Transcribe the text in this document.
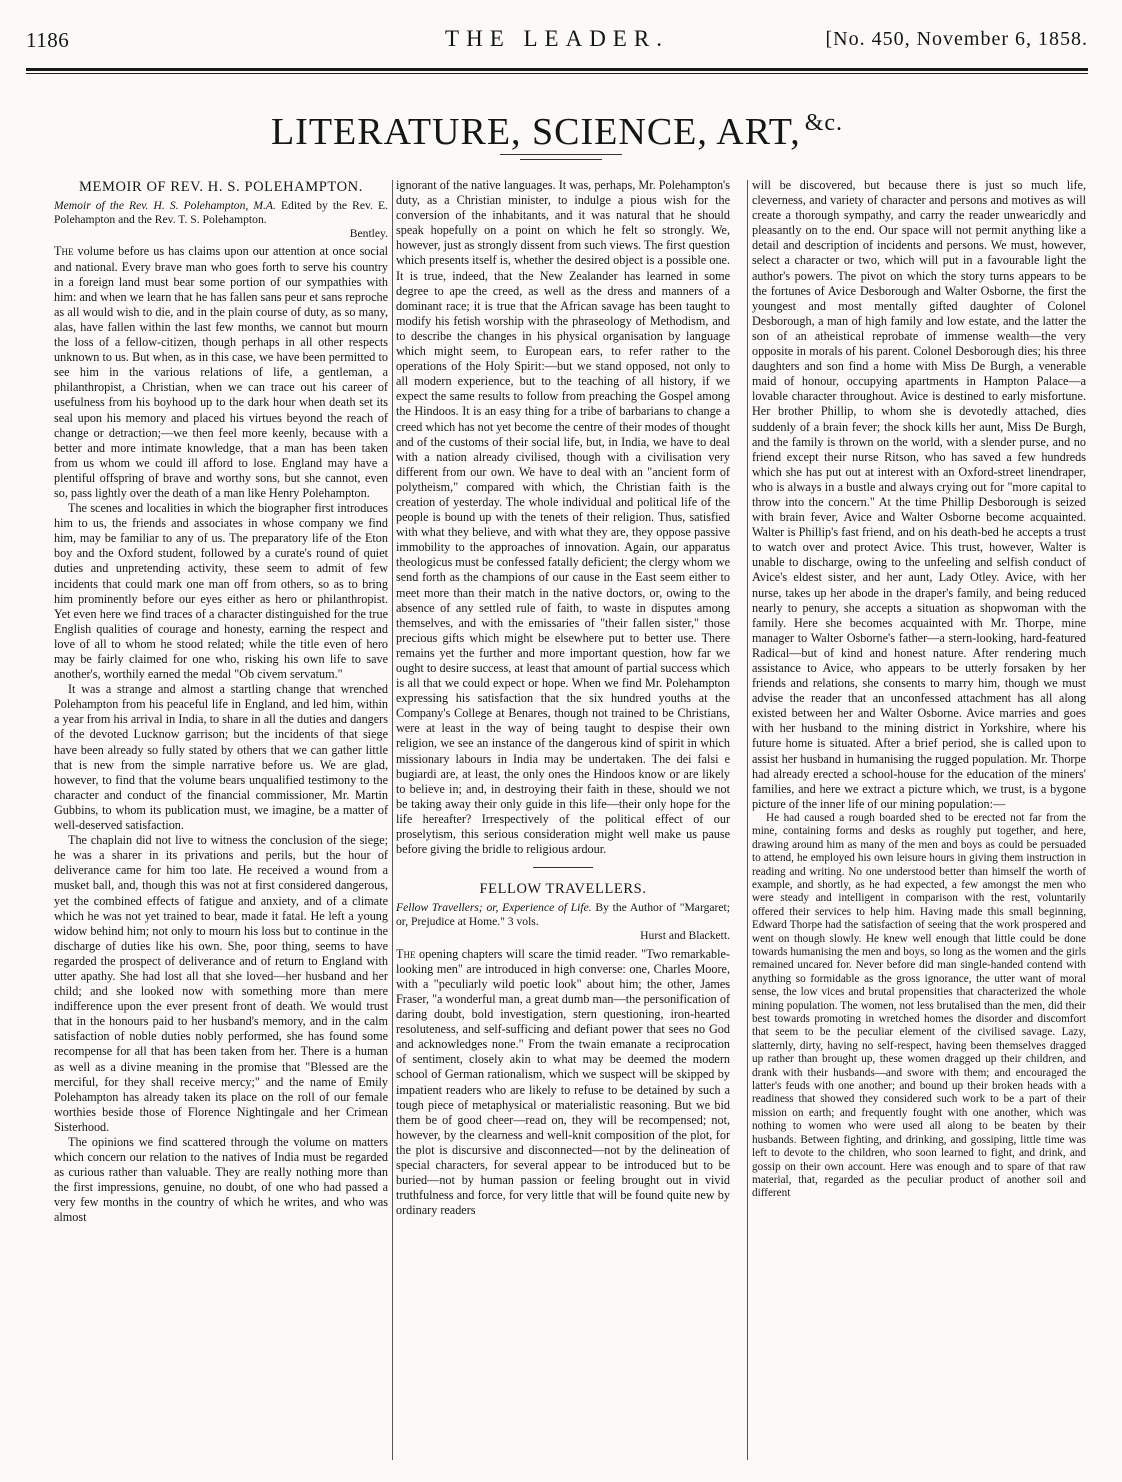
1186	THE LEADER.	[No. 450, November 6, 1858.
LITERATURE, SCIENCE, ART, $^{\&c.}$
MEMOIR OF REV. H. S. POLEHAMPTON.
Memoir of the Rev. H. S. Polehampton, M.A. Edited by the Rev. E. Polehampton and the Rev. T. S. Polehampton.
Bentley.

The volume before us has claims upon our attention at once social and national. Every brave man who goes forth to serve his country in a foreign land must bear some portion of our sympathies with him: and when we learn that he has fallen sans peur et sans reproche as all would wish to die, and in the plain course of duty, as so many, alas, have fallen within the last few months, we cannot but mourn the loss of a fellow-citizen, though perhaps in all other respects unknown to us. But when, as in this case, we have been permitted to see him in the various relations of life, a gentleman, a philanthropist, a Christian, when we can trace out his career of usefulness from his boyhood up to the dark hour when death set its seal upon his memory and placed his virtues beyond the reach of change or detraction;—we then feel more keenly, because with a better and more intimate knowledge, that a man has been taken from us whom we could ill afford to lose. England may have a plentiful offspring of brave and worthy sons, but she cannot, even so, pass lightly over the death of a man like Henry Polehampton.

The scenes and localities in which the biographer first introduces him to us, the friends and associates in whose company we find him, may be familiar to any of us. The preparatory life of the Eton boy and the Oxford student, followed by a curate's round of quiet duties and unpretending activity, these seem to admit of few incidents that could mark one man off from others, so as to bring him prominently before our eyes either as hero or philanthropist. Yet even here we find traces of a character distinguished for the true English qualities of courage and honesty, earning the respect and love of all to whom he stood related; while the title even of hero may be fairly claimed for one who, risking his own life to save another's, worthily earned the medal "Ob civem servatum."

It was a strange and almost a startling change that wrenched Polehampton from his peaceful life in England, and led him, within a year from his arrival in India, to share in all the duties and dangers of the devoted Lucknow garrison; but the incidents of that siege have been already so fully stated by others that we can gather little that is new from the simple narrative before us. We are glad, however, to find that the volume bears unqualified testimony to the character and conduct of the financial commissioner, Mr. Martin Gubbins, to whom its publication must, we imagine, be a matter of well-deserved satisfaction.

The chaplain did not live to witness the conclusion of the siege; he was a sharer in its privations and perils, but the hour of deliverance came for him too late. He received a wound from a musket ball, and, though this was not at first considered dangerous, yet the combined effects of fatigue and anxiety, and of a climate which he was not yet trained to bear, made it fatal. He left a young widow behind him; not only to mourn his loss but to continue in the discharge of duties like his own. She, poor thing, seems to have regarded the prospect of deliverance and of return to England with utter apathy. She had lost all that she loved—her husband and her child; and she looked now with something more than mere indifference upon the ever present front of death. We would trust that in the honours paid to her husband's memory, and in the calm satisfaction of noble duties nobly performed, she has found some recompense for all that has been taken from her. There is a human as well as a divine meaning in the promise that "Blessed are the merciful, for they shall receive mercy;" and the name of Emily Polehampton has already taken its place on the roll of our female worthies beside those of Florence Nightingale and her Crimean Sisterhood.

The opinions we find scattered through the volume on matters which concern our relation to the natives of India must be regarded as curious rather than valuable. They are really nothing more than the first impressions, genuine, no doubt, of one who had passed a very few months in the country of which he writes, and who was almost

ignorant of the native languages. It was, perhaps, Mr. Polehampton's duty, as a Christian minister, to indulge a pious wish for the conversion of the inhabitants, and it was natural that he should speak hopefully on a point on which he felt so strongly. We, however, just as strongly dissent from such views. The first question which presents itself is, whether the desired object is a possible one. It is true, indeed, that the New Zealander has learned in some degree to ape the creed, as well as the dress and manners of a dominant race; it is true that the African savage has been taught to modify his fetish worship with the phraseology of Methodism, and to describe the changes in his physical organisation by language which might seem, to European ears, to refer rather to the operations of the Holy Spirit:—but we stand opposed, not only to all modern experience, but to the teaching of all history, if we expect the same results to follow from preaching the Gospel among the Hindoos. It is an easy thing for a tribe of barbarians to change a creed which has not yet become the centre of their modes of thought and of the customs of their social life, but, in India, we have to deal with a nation already civilised, though with a civilisation very different from our own. We have to deal with an "ancient form of polytheism," compared with which, the Christian faith is the creation of yesterday. The whole individual and political life of the people is bound up with the tenets of their religion. Thus, satisfied with what they believe, and with what they are, they oppose passive immobility to the approaches of innovation. Again, our apparatus theologicus must be confessed fatally deficient; the clergy whom we send forth as the champions of our cause in the East seem either to meet more than their match in the native doctors, or, owing to the absence of any settled rule of faith, to waste in disputes among themselves, and with the emissaries of "their fallen sister," those precious gifts which might be elsewhere put to better use. There remains yet the further and more important question, how far we ought to desire success, at least that amount of partial success which is all that we could expect or hope. When we find Mr. Polehampton expressing his satisfaction that the six hundred youths at the Company's College at Benares, though not trained to be Christians, were at least in the way of being taught to despise their own religion, we see an instance of the dangerous kind of spirit in which missionary labours in India may be undertaken. The dei falsi e bugiardi are, at least, the only ones the Hindoos know or are likely to believe in; and, in destroying their faith in these, should we not be taking away their only guide in this life—their only hope for the life hereafter? Irrespectively of the political effect of our proselytism, this serious consideration might well make us pause before giving the bridle to religious ardour.

FELLOW TRAVELLERS.
Fellow Travellers; or, Experience of Life. By the Author of "Margaret; or, Prejudice at Home." 3 vols.
Hurst and Blackett.

The opening chapters will scare the timid reader. "Two remarkable-looking men" are introduced in high converse: one, Charles Moore, with a "peculiarly wild poetic look" about him; the other, James Fraser, "a wonderful man, a great dumb man—the personification of daring doubt, bold investigation, stern questioning, iron-hearted resoluteness, and self-sufficing and defiant power that sees no God and acknowledges none." From the twain emanate a reciprocation of sentiment, closely akin to what may be deemed the modern school of German rationalism, which we suspect will be skipped by impatient readers who are likely to refuse to be detained by such a tough piece of metaphysical or materialistic reasoning. But we bid them be of good cheer—read on, they will be recompensed; not, however, by the clearness and well-knit composition of the plot, for the plot is discursive and disconnected—not by the delineation of special characters, for several appear to be introduced but to be buried—not by human passion or feeling brought out in vivid truthfulness and force, for very little that will be found quite new by ordinary readers

will be discovered, but because there is just so much life, cleverness, and variety of character and persons and motives as will create a thorough sympathy, and carry the reader unwearicdly and pleasantly on to the end. Our space will not permit anything like a detail and description of incidents and persons. We must, however, select a character or two, which will put in a favourable light the author's powers. The pivot on which the story turns appears to be the fortunes of Avice Desborough and Walter Osborne, the first the youngest and most mentally gifted daughter of Colonel Desborough, a man of high family and low estate, and the latter the son of an atheistical reprobate of immense wealth—the very opposite in morals of his parent. Colonel Desborough dies; his three daughters and son find a home with Miss De Burgh, a venerable maid of honour, occupying apartments in Hampton Palace—a lovable character throughout. Avice is destined to early misfortune. Her brother Phillip, to whom she is devotedly attached, dies suddenly of a brain fever; the shock kills her aunt, Miss De Burgh, and the family is thrown on the world, with a slender purse, and no friend except their nurse Ritson, who has saved a few hundreds which she has put out at interest with an Oxford-street linendraper, who is always in a bustle and always crying out for "more capital to throw into the concern." At the time Phillip Desborough is seized with brain fever, Avice and Walter Osborne become acquainted. Walter is Phillip's fast friend, and on his death-bed he accepts a trust to watch over and protect Avice. This trust, however, Walter is unable to discharge, owing to the unfeeling and selfish conduct of Avice's eldest sister, and her aunt, Lady Otley. Avice, with her nurse, takes up her abode in the draper's family, and being reduced nearly to penury, she accepts a situation as shopwoman with the family. Here she becomes acquainted with Mr. Thorpe, mine manager to Walter Osborne's father—a stern-looking, hard-featured Radical—but of kind and honest nature. After rendering much assistance to Avice, who appears to be utterly forsaken by her friends and relations, she consents to marry him, though we must advise the reader that an unconfessed attachment has all along existed between her and Walter Osborne. Avice marries and goes with her husband to the mining district in Yorkshire, where his future home is situated. After a brief period, she is called upon to assist her husband in humanising the rugged population. Mr. Thorpe had already erected a school-house for the education of the miners' families, and here we extract a picture which, we trust, is a bygone picture of the inner life of our mining population:—

He had caused a rough boarded shed to be erected not far from the mine, containing forms and desks as roughly put together, and here, drawing around him as many of the men and boys as could be persuaded to attend, he employed his own leisure hours in giving them instruction in reading and writing. No one understood better than himself the worth of example, and shortly, as he had expected, a few amongst the men who were steady and intelligent in comparison with the rest, voluntarily offered their services to help him. Having made this small beginning, Edward Thorpe had the satisfaction of seeing that the work prospered and went on though slowly. He knew well enough that little could be done towards humanising the men and boys, so long as the women and the girls remained uncared for. Never before did man single-handed contend with anything so formidable as the gross ignorance, the utter want of moral sense, the low vices and brutal propensities that characterized the whole mining population. The women, not less brutalised than the men, did their best towards promoting in wretched homes the disorder and discomfort that seem to be the peculiar element of the civilised savage. Lazy, slatternly, dirty, having no self-respect, having been themselves dragged up rather than brought up, these women dragged up their children, and drank with their husbands—and swore with them; and encouraged the latter's feuds with one another; and bound up their broken heads with a readiness that showed they considered such work to be a part of their mission on earth; and frequently fought with one another, which was nothing to women who were used all along to be beaten by their husbands. Between fighting, and drinking, and gossiping, little time was left to devote to the children, who soon learned to fight, and drink, and gossip on their own account. Here was enough and to spare of that raw material, that, regarded as the peculiar product of another soil and different
